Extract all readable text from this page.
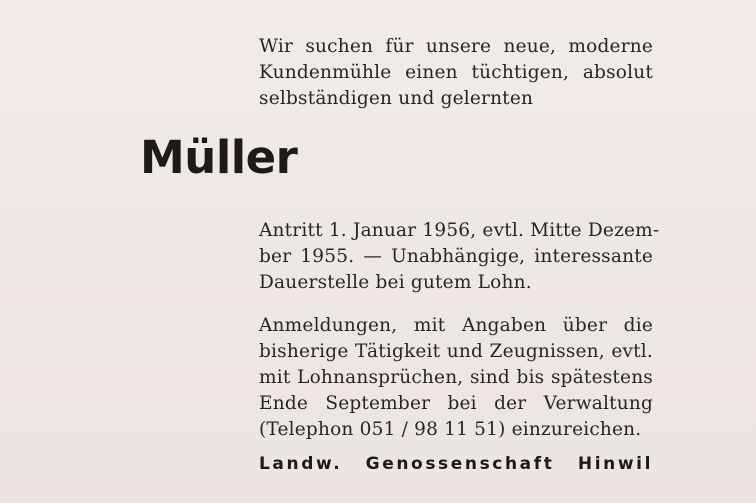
Wir suchen für unsere neue, moderne
Kundenmühle einen tüchtigen, absolut
selbständigen und gelernten
Müller
Antritt 1. Januar 1956, evtl. Mitte Dezem-
ber 1955. — Unabhängige, interessante
Dauerstelle bei gutem Lohn.
Anmeldungen, mit Angaben über die
bisherige Tätigkeit und Zeugnissen, evtl.
mit Lohnansprüchen, sind bis spätestens
Ende September bei der Verwaltung
(Telephon 051 / 98 11 51) einzureichen.
Landw. Genossenschaft Hinwil
